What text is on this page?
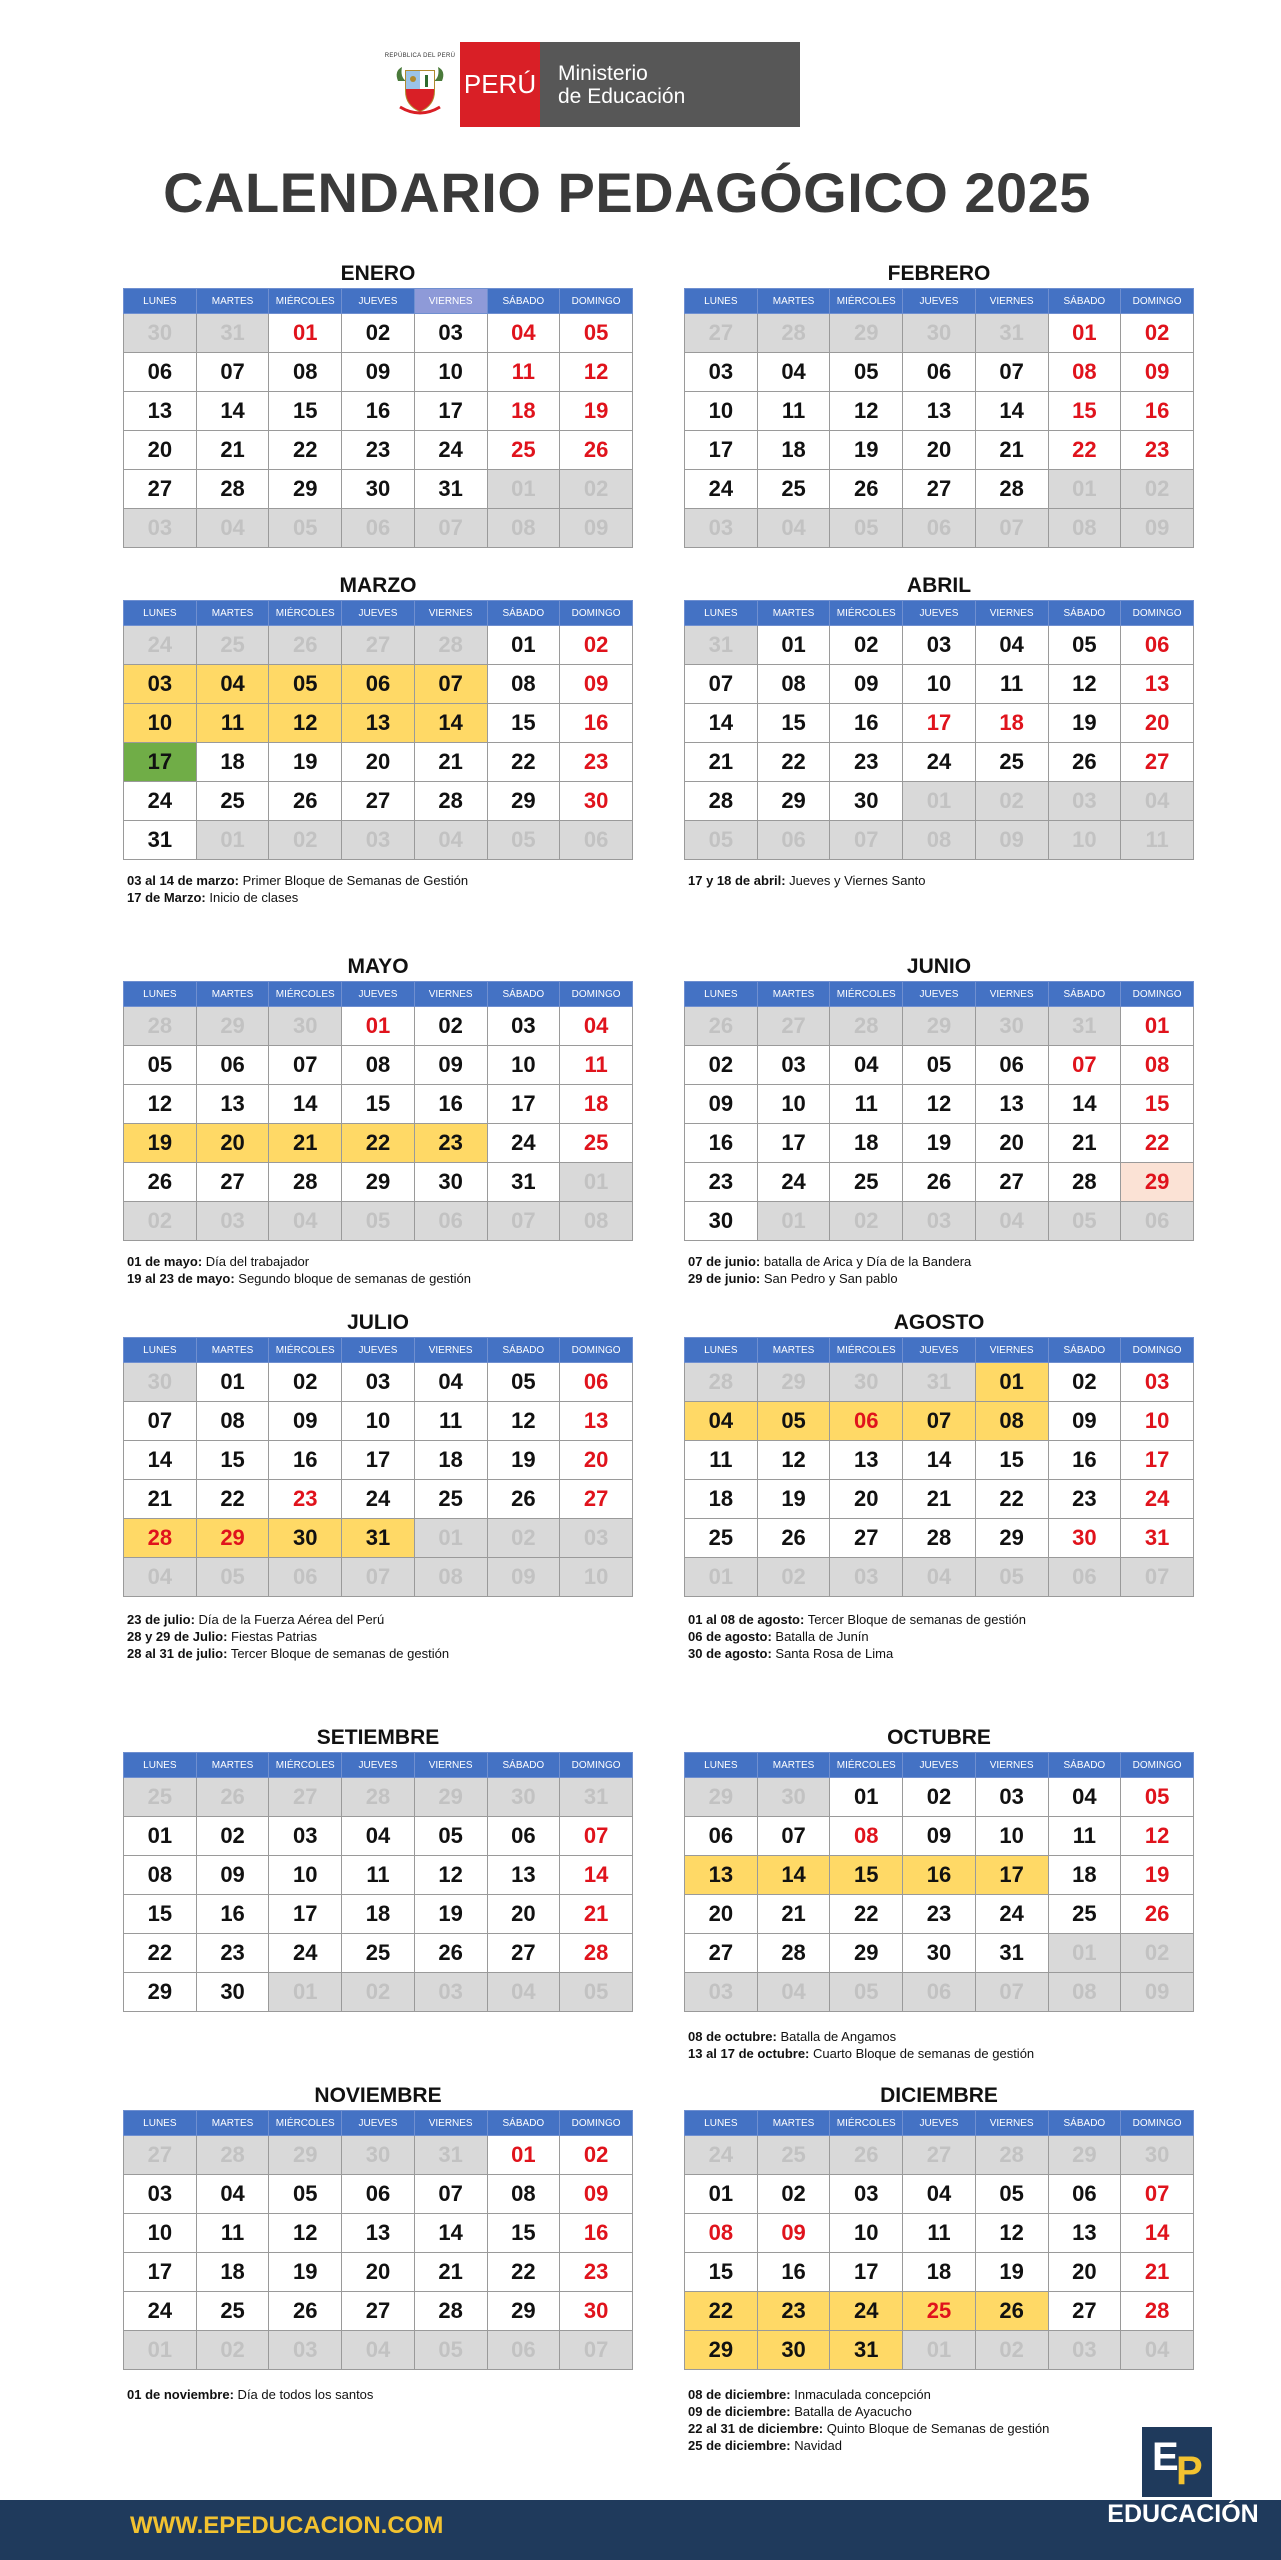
REPÚBLICA DEL PERÚ
PERÚ Ministerio
de Educación
CALENDARIO PEDAGÓGICO 2025
ENERO
LUNES	MARTES	MIÉRCOLES	JUEVES	VIERNES	SÁBADO	DOMINGO
30	31	01	02	03	04	05
06	07	08	09	10	11	12
13	14	15	16	17	18	19
20	21	22	23	24	25	26
27	28	29	30	31	01	02
03	04	05	06	07	08	09
FEBRERO
LUNES	MARTES	MIÉRCOLES	JUEVES	VIERNES	SÁBADO	DOMINGO
27	28	29	30	31	01	02
03	04	05	06	07	08	09
10	11	12	13	14	15	16
17	18	19	20	21	22	23
24	25	26	27	28	01	02
03	04	05	06	07	08	09
MARZO
LUNES	MARTES	MIÉRCOLES	JUEVES	VIERNES	SÁBADO	DOMINGO
24	25	26	27	28	01	02
03	04	05	06	07	08	09
10	11	12	13	14	15	16
17	18	19	20	21	22	23
24	25	26	27	28	29	30
31	01	02	03	04	05	06
ABRIL
LUNES	MARTES	MIÉRCOLES	JUEVES	VIERNES	SÁBADO	DOMINGO
31	01	02	03	04	05	06
07	08	09	10	11	12	13
14	15	16	17	18	19	20
21	22	23	24	25	26	27
28	29	30	01	02	03	04
05	06	07	08	09	10	11
MAYO
LUNES	MARTES	MIÉRCOLES	JUEVES	VIERNES	SÁBADO	DOMINGO
28	29	30	01	02	03	04
05	06	07	08	09	10	11
12	13	14	15	16	17	18
19	20	21	22	23	24	25
26	27	28	29	30	31	01
02	03	04	05	06	07	08
JUNIO
LUNES	MARTES	MIÉRCOLES	JUEVES	VIERNES	SÁBADO	DOMINGO
26	27	28	29	30	31	01
02	03	04	05	06	07	08
09	10	11	12	13	14	15
16	17	18	19	20	21	22
23	24	25	26	27	28	29
30	01	02	03	04	05	06
JULIO
LUNES	MARTES	MIÉRCOLES	JUEVES	VIERNES	SÁBADO	DOMINGO
30	01	02	03	04	05	06
07	08	09	10	11	12	13
14	15	16	17	18	19	20
21	22	23	24	25	26	27
28	29	30	31	01	02	03
04	05	06	07	08	09	10
AGOSTO
LUNES	MARTES	MIÉRCOLES	JUEVES	VIERNES	SÁBADO	DOMINGO
28	29	30	31	01	02	03
04	05	06	07	08	09	10
11	12	13	14	15	16	17
18	19	20	21	22	23	24
25	26	27	28	29	30	31
01	02	03	04	05	06	07
SETIEMBRE
LUNES	MARTES	MIÉRCOLES	JUEVES	VIERNES	SÁBADO	DOMINGO
25	26	27	28	29	30	31
01	02	03	04	05	06	07
08	09	10	11	12	13	14
15	16	17	18	19	20	21
22	23	24	25	26	27	28
29	30	01	02	03	04	05
OCTUBRE
LUNES	MARTES	MIÉRCOLES	JUEVES	VIERNES	SÁBADO	DOMINGO
29	30	01	02	03	04	05
06	07	08	09	10	11	12
13	14	15	16	17	18	19
20	21	22	23	24	25	26
27	28	29	30	31	01	02
03	04	05	06	07	08	09
NOVIEMBRE
LUNES	MARTES	MIÉRCOLES	JUEVES	VIERNES	SÁBADO	DOMINGO
27	28	29	30	31	01	02
03	04	05	06	07	08	09
10	11	12	13	14	15	16
17	18	19	20	21	22	23
24	25	26	27	28	29	30
01	02	03	04	05	06	07
DICIEMBRE
LUNES	MARTES	MIÉRCOLES	JUEVES	VIERNES	SÁBADO	DOMINGO
24	25	26	27	28	29	30
01	02	03	04	05	06	07
08	09	10	11	12	13	14
15	16	17	18	19	20	21
22	23	24	25	26	27	28
29	30	31	01	02	03	04
03 al 14 de marzo: Primer Bloque de Semanas de Gestión
17 de Marzo: Inicio de clases
17 y 18 de abril: Jueves y Viernes Santo
01 de mayo: Día del trabajador
19 al 23 de mayo: Segundo bloque de semanas de gestión
07 de junio: batalla de Arica y Día de la Bandera
29 de junio: San Pedro y San pablo
23 de julio: Día de la Fuerza Aérea del Perú
28 y 29 de Julio: Fiestas Patrias
28 al 31 de julio: Tercer Bloque de semanas de gestión
01 al 08 de agosto: Tercer Bloque de semanas de gestión
06 de agosto: Batalla de Junín
30 de agosto: Santa Rosa de Lima
08 de octubre: Batalla de Angamos
13 al 17 de octubre: Cuarto Bloque de semanas de gestión
01 de noviembre: Día de todos los santos	08 de diciembre: Inmaculada concepción
09 de diciembre: Batalla de Ayacucho
22 al 31 de diciembre: Quinto Bloque de Semanas de gestión
25 de diciembre: Navidad
WWW.EPEDUCACION.COM
E
P
EDUCACIÓN
